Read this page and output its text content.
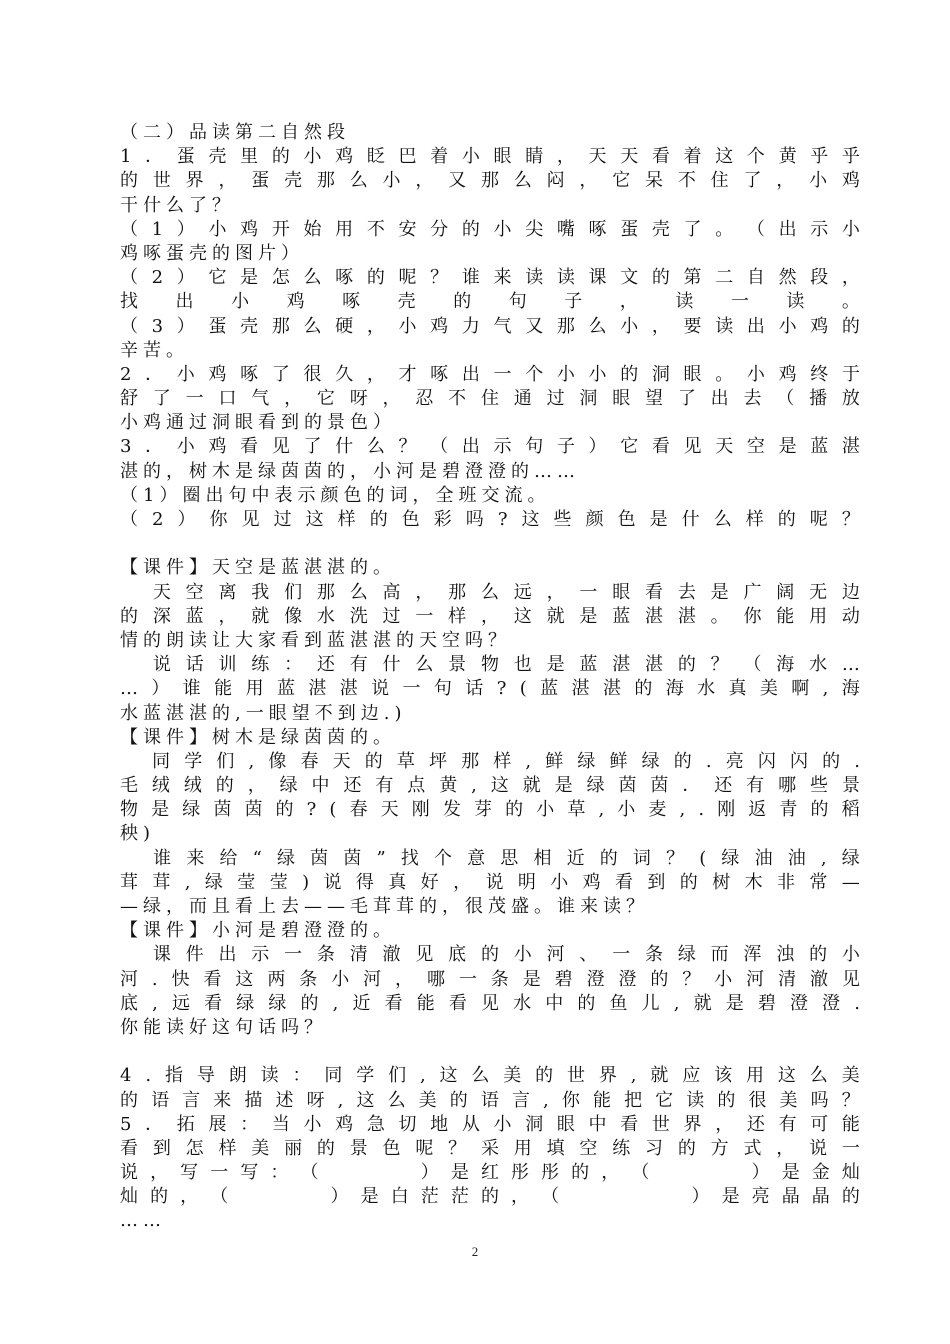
（二）品读第二自然段
1 ． 蛋 壳 里 的 小 鸡 眨 巴 着 小 眼 睛 ， 天 天 看 着 这 个 黄 乎 乎
的 世 界 ， 蛋 壳 那 么 小 ， 又 那 么 闷 ， 它 呆 不 住 了 ， 小 鸡
干什么了？
（ 1 ） 小 鸡 开 始 用 不 安 分 的 小 尖 嘴 啄 蛋 壳 了 。 （ 出 示 小
鸡啄蛋壳的图片）
（ 2 ） 它 是 怎 么 啄 的 呢 ？ 谁 来 读 读 课 文 的 第 二 自 然 段 ，
找 出 小 鸡 啄 壳 的 句 子 ， 读 一 读 。
（ 3 ） 蛋 壳 那 么 硬 ， 小 鸡 力 气 又 那 么 小 ， 要 读 出 小 鸡 的
辛苦。
2 ． 小 鸡 啄 了 很 久 ， 才 啄 出 一 个 小 小 的 洞 眼 。 小 鸡 终 于
舒 了 一 口 气 ， 它 呀 ， 忍 不 住 通 过 洞 眼 望 了 出 去 （ 播 放
小鸡通过洞眼看到的景色）
3 ． 小 鸡 看 见 了 什 么 ？ （ 出 示 句 子 ） 它 看 见 天 空 是 蓝 湛
湛的，树木是绿茵茵的，小河是碧澄澄的……
（1）圈出句中表示颜色的词，全班交流。
（ 2 ） 你 见 过 这 样 的 色 彩 吗 ? 这 些 颜 色 是 什 么 样 的 呢 ？
【课件】天空是蓝湛湛的。

天 空 离 我 们 那 么 高 ， 那 么 远 ， 一 眼 看 去 是 广 阔 无 边
的 深 蓝 ， 就 像 水 洗 过 一 样 ， 这 就 是 蓝 湛 湛 。 你 能 用 动
情的朗读让大家看到蓝湛湛的天空吗？

说 话 训 练 ： 还 有 什 么 景 物 也 是 蓝 湛 湛 的 ？ （ 海 水 …
… ） 谁 能 用 蓝 湛 湛 说 一 句 话 ? ( 蓝 湛 湛 的 海 水 真 美 啊 , 海
水蓝湛湛的,一眼望不到边.)
【课件】树木是绿茵茵的。

同 学 们 , 像 春 天 的 草 坪 那 样 , 鲜 绿 鲜 绿 的 . 亮 闪 闪 的 .
毛 绒 绒 的 ， 绿 中 还 有 点 黄 , 这 就 是 绿 茵 茵 ． 还 有 哪 些 景
物 是 绿 茵 茵 的 ? ( 春 天 刚 发 芽 的 小 草 , 小 麦 , . 刚 返 青 的 稻
秧)

谁 来 给 “ 绿 茵 茵 ” 找 个 意 思 相 近 的 词 ？ ( 绿 油 油 , 绿
茸 茸 , 绿 莹 莹 ) 说 得 真 好 ， 说 明 小 鸡 看 到 的 树 木 非 常 —
—绿，而且看上去——毛茸茸的，很茂盛。谁来读？
【课件】小河是碧澄澄的。

课 件 出 示 一 条 清 澈 见 底 的 小 河 、 一 条 绿 而 浑 浊 的 小
河 . 快 看 这 两 条 小 河 ， 哪 一 条 是 碧 澄 澄 的 ？ 小 河 清 澈 见
底 , 远 看 绿 绿 的 , 近 看 能 看 见 水 中 的 鱼 儿 , 就 是 碧 澄 澄 .
你能读好这句话吗？
4 . 指 导 朗 读 ： 同 学 们 , 这 么 美 的 世 界 , 就 应 该 用 这 么 美
的 语 言 来 描 述 呀 , 这 么 美 的 语 言 , 你 能 把 它 读 的 很 美 吗 ？
5 ． 拓 展 ： 当 小 鸡 急 切 地 从 小 洞 眼 中 看 世 界 ， 还 有 可 能
看 到 怎 样 美 丽 的 景 色 呢 ？ 采 用 填 空 练 习 的 方 式 ， 说 一
说 ， 写 一 写 ： （

　	） 是 红 彤 彤 的 ， （

　	） 是 金 灿
灿 的 ， （

　	） 是 白 茫 茫 的 ， （

　	） 是 亮 晶 晶 的
……
2
